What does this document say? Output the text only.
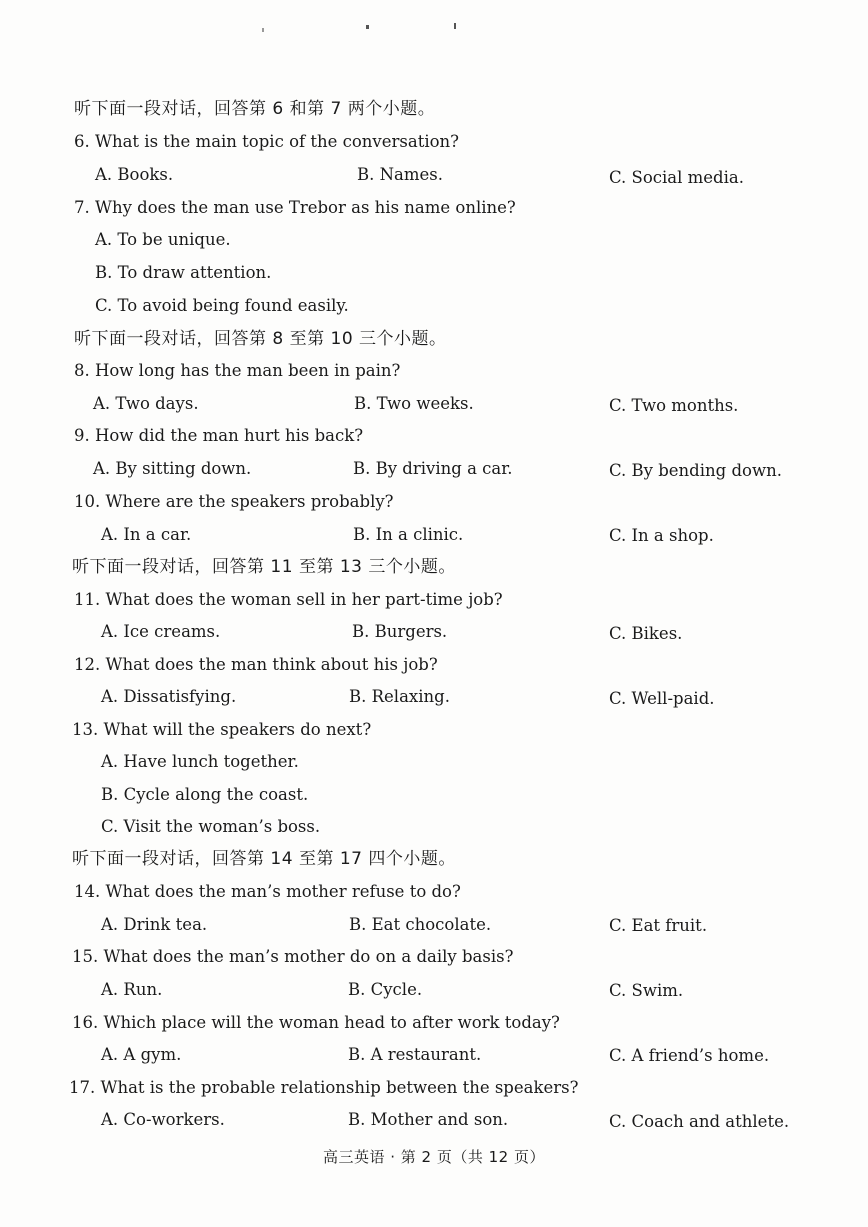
听下面一段对话，回答第 6 和第 7 两个小题。
6. What is the main topic of the conversation?
A. Books.	B. Names.	C. Social media.
7. Why does the man use Trebor as his name online?
A. To be unique.
B. To draw attention.
C. To avoid being found easily.
听下面一段对话，回答第 8 至第 10 三个小题。
8. How long has the man been in pain?
A. Two days.	B. Two weeks.	C. Two months.
9. How did the man hurt his back?
A. By sitting down.	B. By driving a car.	C. By bending down.
10. Where are the speakers probably?
A. In a car.	B. In a clinic.	C. In a shop.
听下面一段对话，回答第 11 至第 13 三个小题。
11. What does the woman sell in her part-time job?
A. Ice creams.	B. Burgers.	C. Bikes.
12. What does the man think about his job?
A. Dissatisfying.	B. Relaxing.	C. Well-paid.
13. What will the speakers do next?
A. Have lunch together.
B. Cycle along the coast.
C. Visit the woman’s boss.
听下面一段对话，回答第 14 至第 17 四个小题。
14. What does the man’s mother refuse to do?
A. Drink tea.	B. Eat chocolate.	C. Eat fruit.
15. What does the man’s mother do on a daily basis?
A. Run.	B. Cycle.	C. Swim.
16. Which place will the woman head to after work today?
A. A gym.	B. A restaurant.	C. A friend’s home.
17. What is the probable relationship between the speakers?
A. Co-workers.	B. Mother and son.	C. Coach and athlete.
高三英语 · 第 2 页（共 12 页）
